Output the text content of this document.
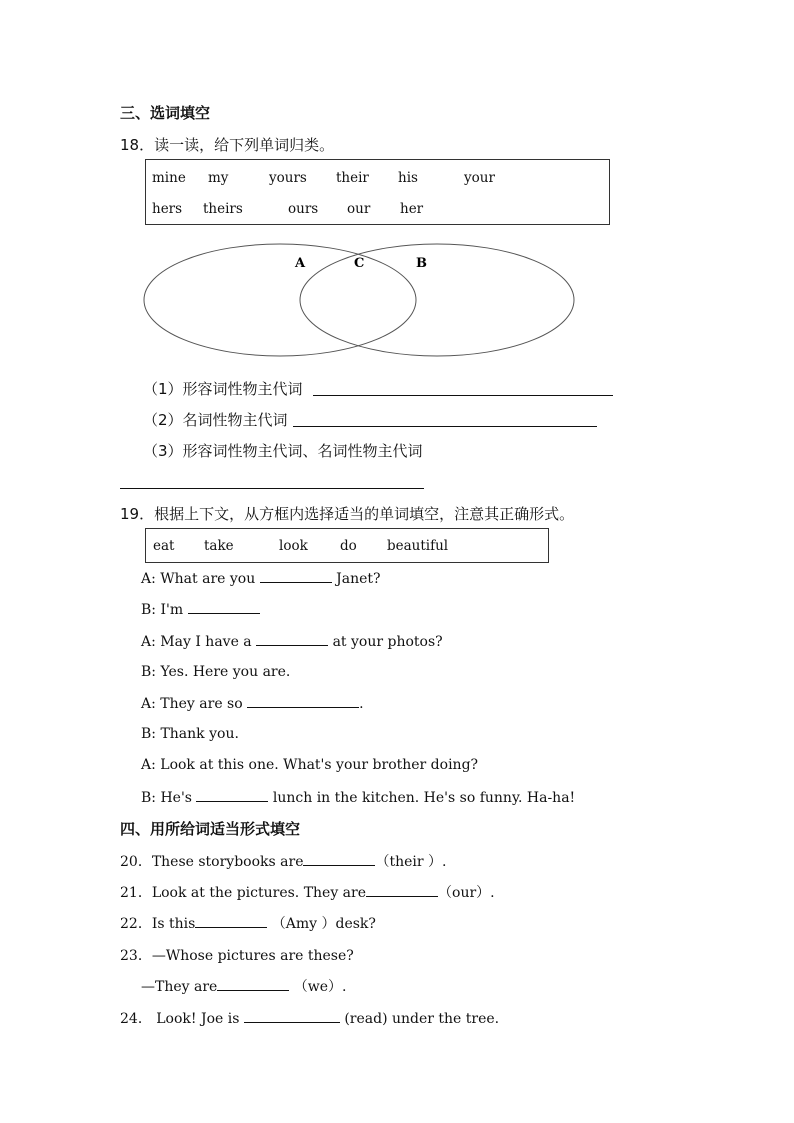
三、选词填空
18．读一读，给下列单词归类。
mine my	yours their his	your
hers theirs	ours our her
A	C	B
（1）形容词性物主代词
（2）名词性物主代词
（3）形容词性物主代词、名词性物主代词
19．根据上下文，从方框内选择适当的单词填空，注意其正确形式。
eat take	look do beautiful
A: What are you	Janet?
B: I'm
A: May I have a	at your photos?
B: Yes. Here you are.
A: They are so	.
B: Thank you.
A: Look at this one. What's your brother doing?
B: He's	lunch in the kitchen. He's so funny. Ha-ha!
四、用所给词适当形式填空
20．These storybooks are	（their ）.
21．Look at the pictures. They are	（our）.
22．Is this	（Amy ）desk?
23．—Whose pictures are these?
—They are	（we）.
24． Look! Joe is	(read) under the tree.
